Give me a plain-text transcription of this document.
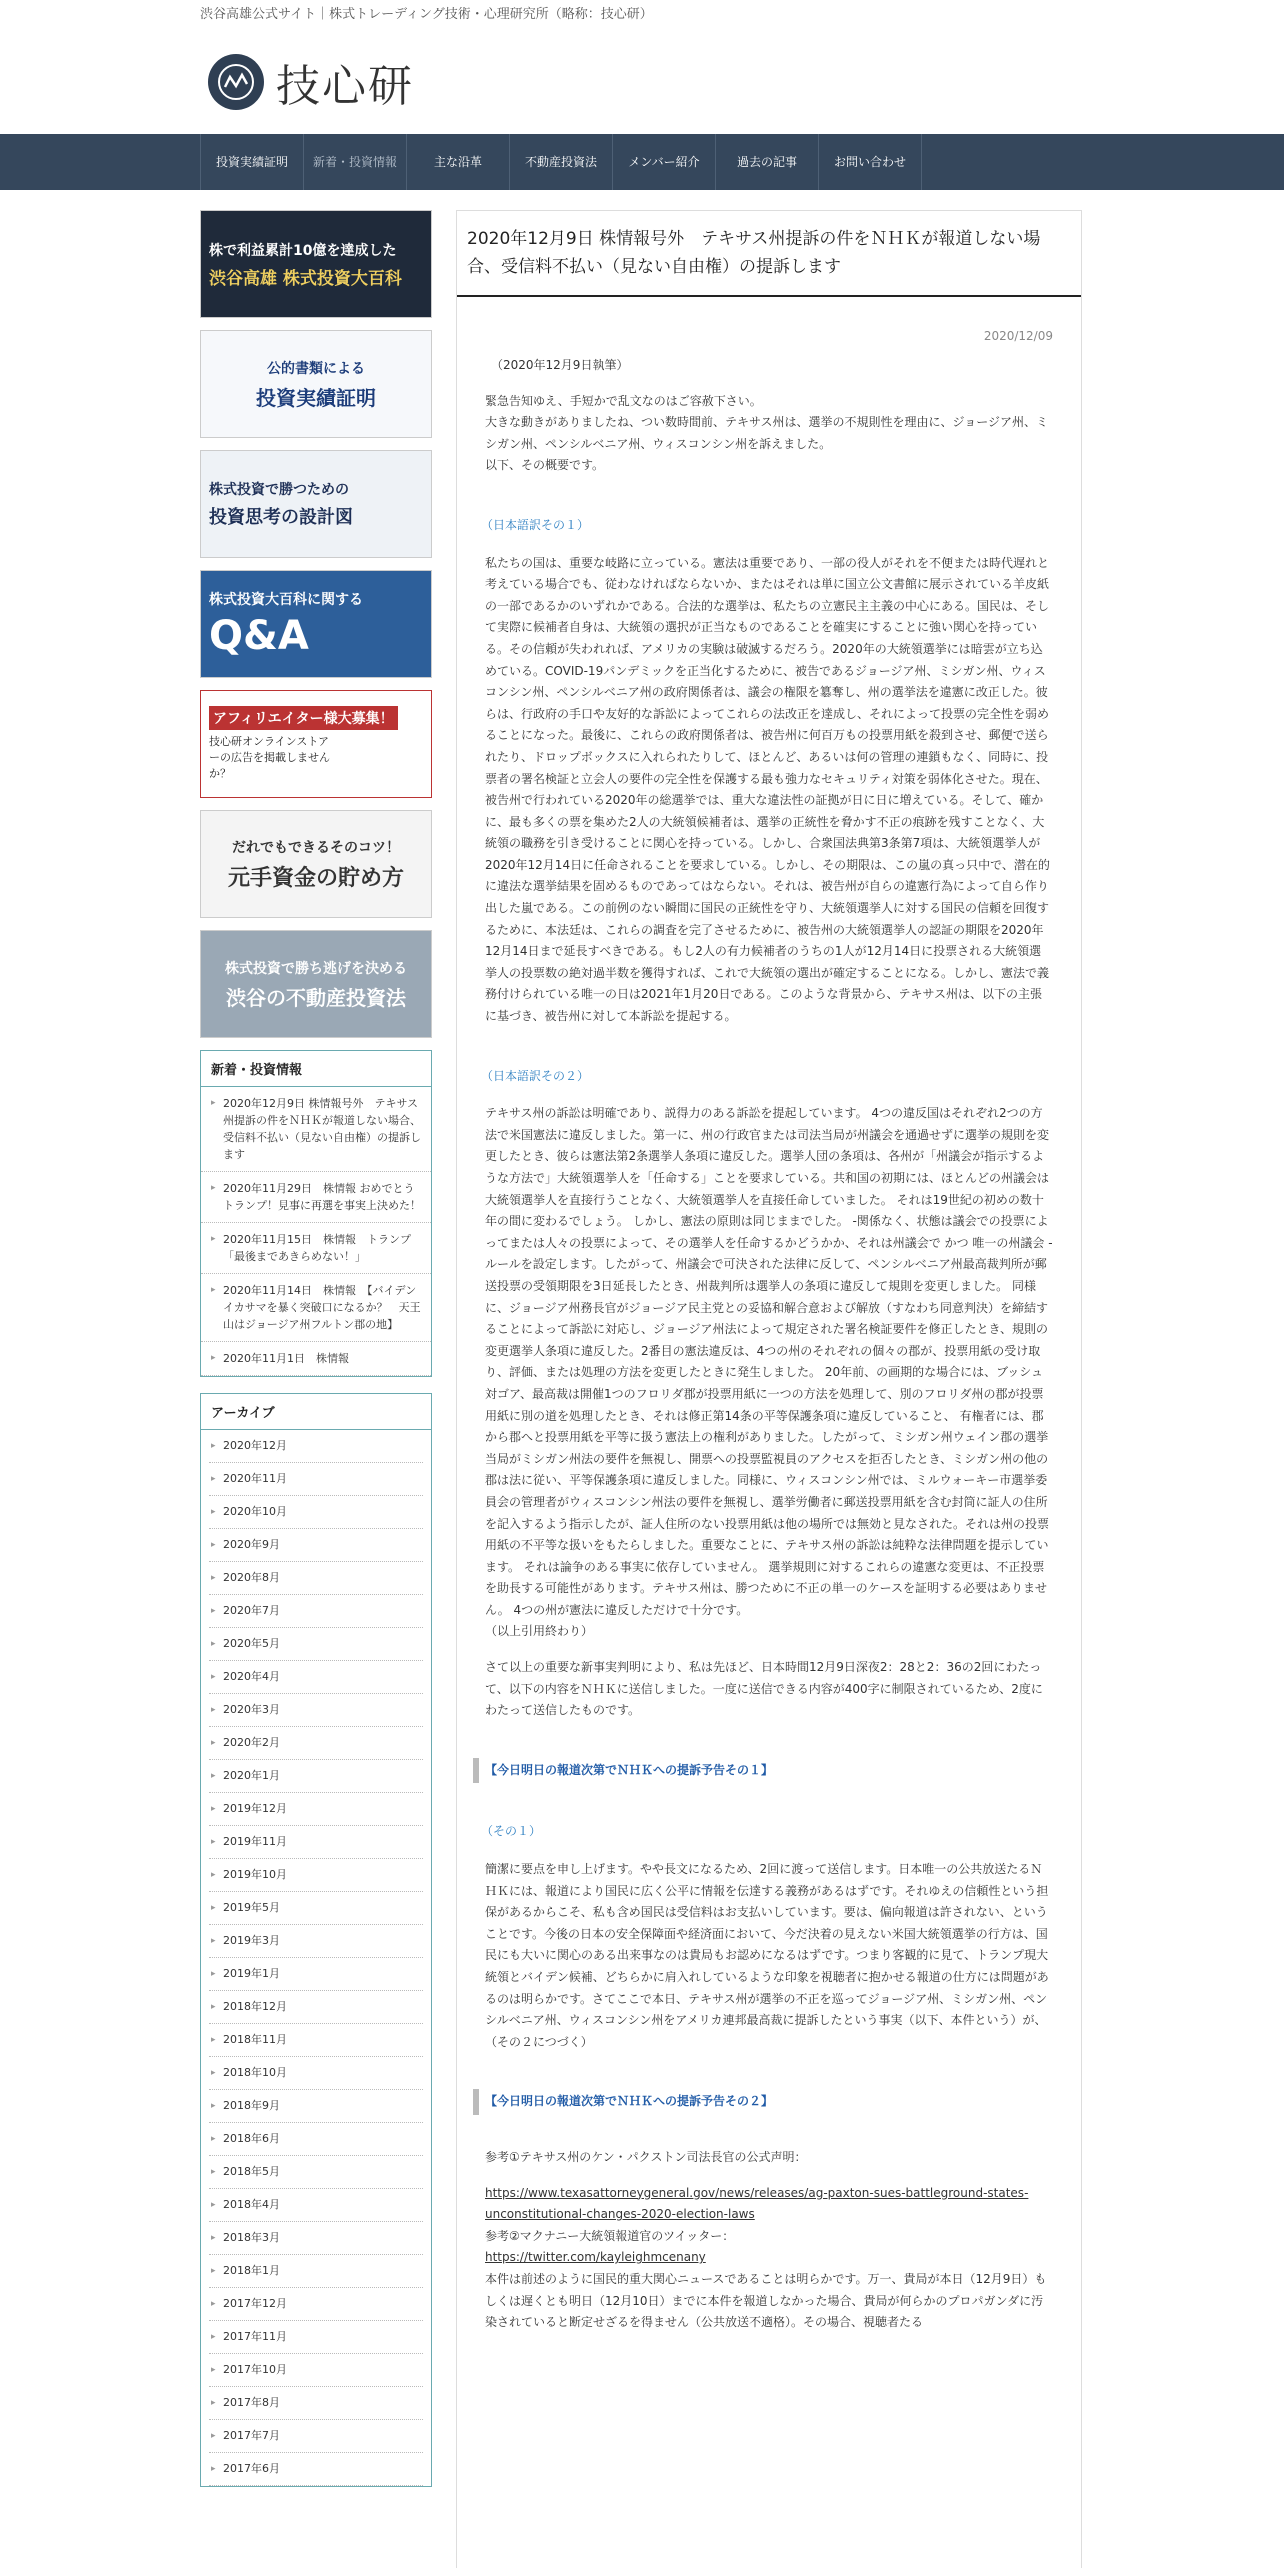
渋谷高雄公式サイト｜株式トレーディング技術・心理研究所（略称：技心研）
技心研
投資実績証明	新着・投資情報	主な沿革	不動産投資法	メンバー紹介	過去の記事	お問い合わせ
株で利益累計10億を達成した
渋谷高雄 株式投資大百科
公的書類による
投資実績証明
株式投資で勝つための
投資思考の設計図
株式投資大百科に関する
Q&A
アフィリエイター様大募集！
技心研オンラインストアーの広告を掲載しませんか？
だれでもできるそのコツ！
元手資金の貯め方
株式投資で勝ち逃げを決める
渋谷の不動産投資法
新着・投資情報
▸ 2020年12月9日 株情報号外　テキサス州提訴の件をＮＨＫが報道しない場合、受信料不払い（見ない自由権）の提訴します
▸ 2020年11月29日　株情報 おめでとうトランプ！見事に再選を事実上決めた！
▸ 2020年11月15日　株情報　トランプ「最後まであきらめない！」
▸ 2020年11月14日　株情報　【バイデンイカサマを暴く突破口になるか？　天王山はジョージア州フルトン郡の地】
▸ 2020年11月1日　株情報
アーカイブ
▸ 2020年12月
▸ 2020年11月
▸ 2020年10月
▸ 2020年9月
▸ 2020年8月
▸ 2020年7月
▸ 2020年5月
▸ 2020年4月
▸ 2020年3月
▸ 2020年2月
▸ 2020年1月
▸ 2019年12月
▸ 2019年11月
▸ 2019年10月
▸ 2019年5月
▸ 2019年3月
▸ 2019年1月
▸ 2018年12月
▸ 2018年11月
▸ 2018年10月
▸ 2018年9月
▸ 2018年6月
▸ 2018年5月
▸ 2018年4月
▸ 2018年3月
▸ 2018年1月
▸ 2017年12月
▸ 2017年11月
▸ 2017年10月
▸ 2017年8月
▸ 2017年7月
▸ 2017年6月
2020年12月9日 株情報号外　テキサス州提訴の件をＮＨＫが報道しない場合、受信料不払い（見ない自由権）の提訴します
2020/12/09
（2020年12月9日執筆）
緊急告知ゆえ、手短かで乱文なのはご容赦下さい。
大きな動きがありましたね、つい数時間前、テキサス州は、選挙の不規則性を理由に、ジョージア州、ミシガン州、ペンシルベニア州、ウィスコンシン州を訴えました。
以下、その概要です。
（日本語訳その１）
私たちの国は、重要な岐路に立っている。憲法は重要であり、一部の役人がそれを不便または時代遅れと考えている場合でも、従わなければならないか、またはそれは単に国立公文書館に展示されている羊皮紙の一部であるかのいずれかである。合法的な選挙は、私たちの立憲民主主義の中心にある。国民は、そして実際に候補者自身は、大統領の選択が正当なものであることを確実にすることに強い関心を持っている。その信頼が失われれば、アメリカの実験は破滅するだろう。2020年の大統領選挙には暗雲が立ち込めている。COVID-19パンデミックを正当化するために、被告であるジョージア州、ミシガン州、ウィスコンシン州、ペンシルベニア州の政府関係者は、議会の権限を簒奪し、州の選挙法を違憲に改正した。彼らは、行政府の手口や友好的な訴訟によってこれらの法改正を達成し、それによって投票の完全性を弱めることになった。最後に、これらの政府関係者は、被告州に何百万もの投票用紙を殺到させ、郵便で送られたり、ドロップボックスに入れられたりして、ほとんど、あるいは何の管理の連鎖もなく、同時に、投票者の署名検証と立会人の要件の完全性を保護する最も強力なセキュリティ対策を弱体化させた。現在、被告州で行われている2020年の総選挙では、重大な違法性の証拠が日に日に増えている。そして、確かに、最も多くの票を集めた2人の大統領候補者は、選挙の正統性を脅かす不正の痕跡を残すことなく、大統領の職務を引き受けることに関心を持っている。しかし、合衆国法典第3条第7項は、大統領選挙人が2020年12月14日に任命されることを要求している。しかし、その期限は、この嵐の真っ只中で、潜在的に違法な選挙結果を固めるものであってはならない。それは、被告州が自らの違憲行為によって自ら作り出した嵐である。この前例のない瞬間に国民の正統性を守り、大統領選挙人に対する国民の信頼を回復するために、本法廷は、これらの調査を完了させるために、被告州の大統領選挙人の認証の期限を2020年12月14日まで延長すべきである。もし2人の有力候補者のうちの1人が12月14日に投票される大統領選挙人の投票数の絶対過半数を獲得すれば、これで大統領の選出が確定することになる。しかし、憲法で義務付けられている唯一の日は2021年1月20日である。このような背景から、テキサス州は、以下の主張に基づき、被告州に対して本訴訟を提起する。
（日本語訳その２）
テキサス州の訴訟は明確であり、説得力のある訴訟を提起しています。 4つの違反国はそれぞれ2つの方法で米国憲法に違反しました。第一に、州の行政官または司法当局が州議会を通過せずに選挙の規則を変更したとき、彼らは憲法第2条選挙人条項に違反した。選挙人団の条項は、各州が「州議会が指示するような方法で」大統領選挙人を「任命する」ことを要求している。共和国の初期には、ほとんどの州議会は大統領選挙人を直接行うことなく、大統領選挙人を直接任命していました。 それは19世紀の初めの数十年の間に変わるでしょう。 しかし、憲法の原則は同じままでした。 -関係なく、状態は議会での投票によってまたは人々の投票によって、その選挙人を任命するかどうかか、それは州議会で かつ 唯一の州議会 -ルールを設定します。したがって、州議会で可決された法律に反して、ペンシルベニア州最高裁判所が郵送投票の受領期限を3日延長したとき、州裁判所は選挙人の条項に違反して規則を変更しました。 同様に、ジョージア州務長官がジョージア民主党との妥協和解合意および解放（すなわち同意判決）を締結することによって訴訟に対応し、ジョージア州法によって規定された署名検証要件を修正したとき、規則の変更選挙人条項に違反した。2番目の憲法違反は、4つの州のそれぞれの個々の郡が、投票用紙の受け取り、評価、または処理の方法を変更したときに発生しました。 20年前、の画期的な場合には、ブッシュ対ゴア、最高裁は開催1つのフロリダ郡が投票用紙に一つの方法を処理して、別のフロリダ州の郡が投票用紙に別の道を処理したとき、それは修正第14条の平等保護条項に違反していること、 有権者には、郡から郡へと投票用紙を平等に扱う憲法上の権利がありました。したがって、ミシガン州ウェイン郡の選挙当局がミシガン州法の要件を無視し、開票への投票監視員のアクセスを拒否したとき、ミシガン州の他の郡は法に従い、平等保護条項に違反しました。同様に、ウィスコンシン州では、ミルウォーキー市選挙委員会の管理者がウィスコンシン州法の要件を無視し、選挙労働者に郵送投票用紙を含む封筒に証人の住所を記入するよう指示したが、証人住所のない投票用紙は他の場所では無効と見なされた。それは州の投票用紙の不平等な扱いをもたらしました。重要なことに、テキサス州の訴訟は純粋な法律問題を提示しています。 それは論争のある事実に依存していません。 選挙規則に対するこれらの違憲な変更は、不正投票を助長する可能性があります。テキサス州は、勝つために不正の単一のケースを証明する必要はありません。 4つの州が憲法に違反しただけで十分です。
（以上引用終わり）
さて以上の重要な新事実判明により、私は先ほど、日本時間12月9日深夜2：28と2：36の2回にわたって、以下の内容をＮＨＫに送信しました。一度に送信できる内容が400字に制限されているため、2度にわたって送信したものです。
【今日明日の報道次第でＮＨＫへの提訴予告その１】
（その１）
簡潔に要点を申し上げます。やや長文になるため、2回に渡って送信します。日本唯一の公共放送たるＮＨＫには、報道により国民に広く公平に情報を伝達する義務があるはずです。それゆえの信頼性という担保があるからこそ、私も含め国民は受信料はお支払いしています。要は、偏向報道は許されない、ということです。今後の日本の安全保障面や経済面において、今だ決着の見えない米国大統領選挙の行方は、国民にも大いに関心のある出来事なのは貴局もお認めになるはずです。つまり客観的に見て、トランプ現大統領とバイデン候補、どちらかに肩入れしているような印象を視聴者に抱かせる報道の仕方には問題があるのは明らかです。さてここで本日、テキサス州が選挙の不正を巡ってジョージア州、ミシガン州、ペンシルベニア州、ウィスコンシン州をアメリカ連邦最高裁に提訴したという事実（以下、本件という）が、（その２につづく）
【今日明日の報道次第でＮＨＫへの提訴予告その２】
参考①テキサス州のケン・パクストン司法長官の公式声明：
https://www.texasattorneygeneral.gov/news/releases/ag-paxton-sues-battleground-states-unconstitutional-changes-2020-election-laws
参考②マクナニー大統領報道官のツイッター：
https://twitter.com/kayleighmcenany
本件は前述のように国民的重大関心ニュースであることは明らかです。万一、貴局が本日（12月9日）もしくは遅くとも明日（12月10日）までに本件を報道しなかった場合、貴局が何らかのプロパガンダに汚染されていると断定せざるを得ません（公共放送不適格）。その場合、視聴者たる
